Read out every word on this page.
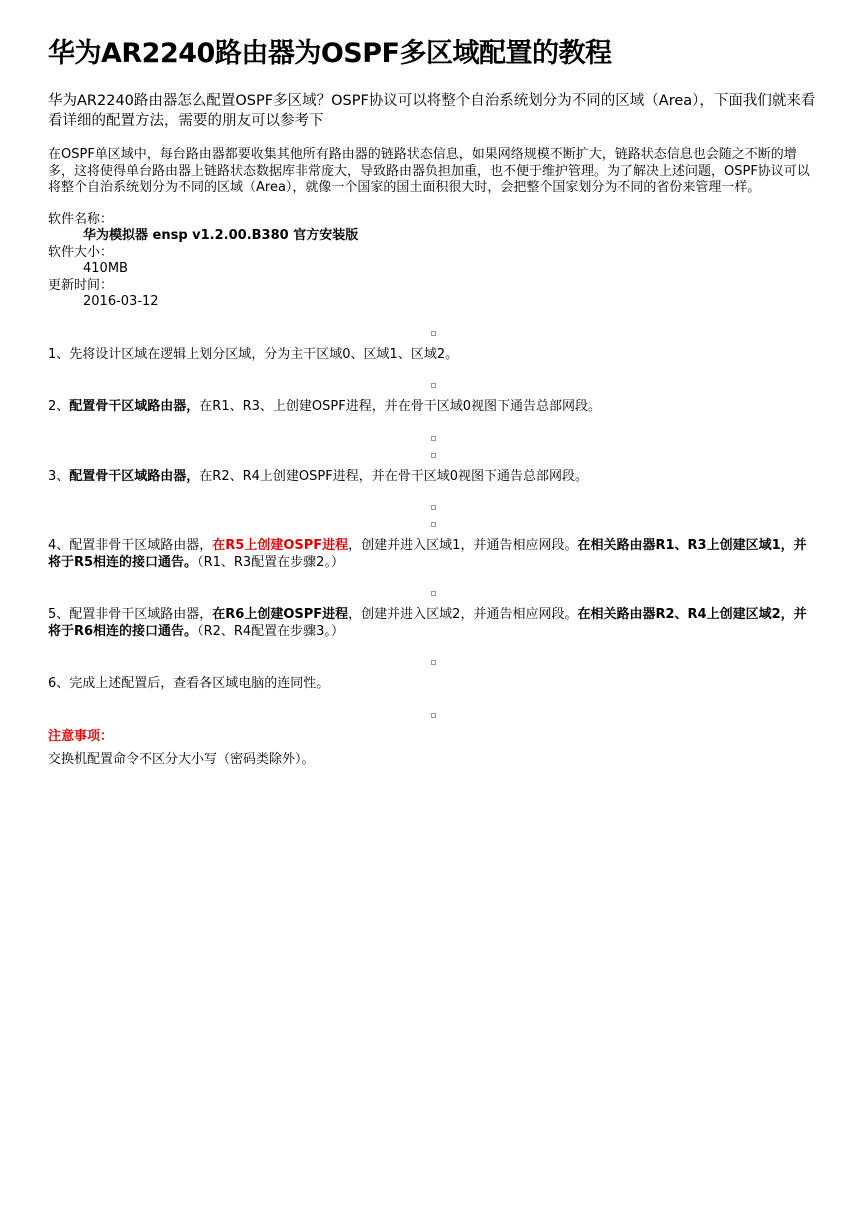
华为AR2240路由器为OSPF多区域配置的教程
华为AR2240路由器怎么配置OSPF多区域？OSPF协议可以将整个自治系统划分为不同的区域（Area），下面我们就来看看详细的配置方法，需要的朋友可以参考下
在OSPF单区域中，每台路由器都要收集其他所有路由器的链路状态信息，如果网络规模不断扩大，链路状态信息也会随之不断的增多，这将使得单台路由器上链路状态数据库非常庞大，导致路由器负担加重，也不便于维护管理。为了解决上述问题，OSPF协议可以将整个自治系统划分为不同的区域（Area），就像一个国家的国土面积很大时，会把整个国家划分为不同的省份来管理一样。
软件名称：
华为模拟器 ensp v1.2.00.B380 官方安装版
软件大小：
410MB
更新时间：
2016-03-12
1、先将设计区域在逻辑上划分区域，分为主干区域0、区域1、区域2。
2、配置骨干区域路由器，在R1、R3、上创建OSPF进程，并在骨干区域0视图下通告总部网段。
3、配置骨干区域路由器，在R2、R4上创建OSPF进程，并在骨干区域0视图下通告总部网段。
4、配置非骨干区域路由器，在R5上创建OSPF进程，创建并进入区域1，并通告相应网段。在相关路由器R1、R3上创建区域1，并将于R5相连的接口通告。（R1、R3配置在步骤2。）
5、配置非骨干区域路由器，在R6上创建OSPF进程，创建并进入区域2，并通告相应网段。在相关路由器R2、R4上创建区域2，并将于R6相连的接口通告。（R2、R4配置在步骤3。）
6、完成上述配置后，查看各区域电脑的连同性。
注意事项：
交换机配置命令不区分大小写（密码类除外）。
